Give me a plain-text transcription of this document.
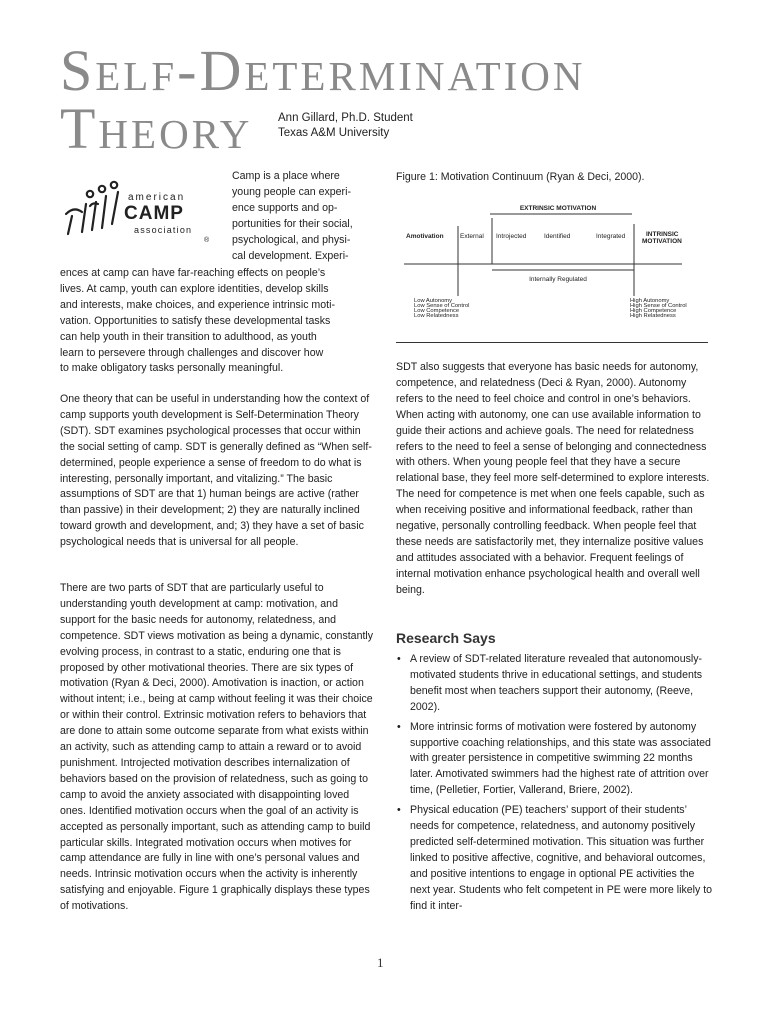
Self-Determination
Theory Ann Gillard, Ph.D. Student
Texas A&M University
american
CAMP
association
®
Camp is a place where
young people can experi-
ence supports and op-
portunities for their social,
psychological, and physi-
cal development. Experi-
ences at camp can have far-reaching effects on people’s
lives. At camp, youth can explore identities, develop skills
and interests, make choices, and experience intrinsic moti-
vation. Opportunities to satisfy these developmental tasks
can help youth in their transition to adulthood, as youth
learn to persevere through challenges and discover how
to make obligatory tasks personally meaningful.

One theory that can be useful in understanding how the context of camp supports youth development is Self-Determination Theory (SDT). SDT examines psychological processes that occur within the social setting of camp. SDT is generally defined as “When self-determined, people experience a sense of freedom to do what is interesting, personally important, and vitalizing.” The basic assumptions of SDT are that 1) human beings are active (rather than passive) in their development; 2) they are naturally inclined toward growth and development, and; 3) they have a set of basic psychological needs that is universal for all people.

There are two parts of SDT that are particularly useful to understanding youth development at camp: motivation, and support for the basic needs for autonomy, relatedness, and competence. SDT views motivation as being a dynamic, constantly evolving process, in contrast to a static, enduring one that is proposed by other motivational theories. There are six types of motivation (Ryan & Deci, 2000). Amotivation is inaction, or action without intent; i.e., being at camp without feeling it was their choice or within their control. Extrinsic motivation refers to behaviors that are done to attain some outcome separate from what exists within an activity, such as attending camp to attain a reward or to avoid punishment. Introjected motivation describes internalization of behaviors based on the provision of relatedness, such as going to camp to avoid the anxiety associated with disappointing loved ones. Identified motivation occurs when the goal of an activity is accepted as personally important, such as attending camp to build particular skills. Integrated motivation occurs when motives for camp attendance are fully in line with one’s personal values and needs. Intrinsic motivation occurs when the activity is inherently satisfying and enjoyable. Figure 1 graphically displays these types of motivations.

Figure 1: Motivation Continuum (Ryan & Deci, 2000).
EXTRINSIC MOTIVATION
Amotivation	External Introjected	Identified	Integrated	INTRINSIC
MOTIVATION
Internally Regulated
Low Autonomy
Low Sense of Control
Low Competence
Low Relatedness
High Autonomy
High Sense of Control
High Competence
High Relatedness

SDT also suggests that everyone has basic needs for autonomy, competence, and relatedness (Deci & Ryan, 2000). Autonomy refers to the need to feel choice and control in one’s behaviors. When acting with autonomy, one can use available information to guide their actions and achieve goals. The need for relatedness refers to the need to feel a sense of belonging and connectedness with others. When young people feel that they have a secure relational base, they feel more self-determined to explore interests. The need for competence is met when one feels capable, such as when receiving positive and informational feedback, rather than negative, personally controlling feedback. When people feel that these needs are satisfactorily met, they internalize positive values and attitudes associated with a behavior. Frequent feelings of internal motivation enhance psychological health and overall well being.

Research Says
• A review of SDT-related literature revealed that autonomously-motivated students thrive in educational settings, and students benefit most when teachers support their autonomy, (Reeve, 2002).
• More intrinsic forms of motivation were fostered by autonomy supportive coaching relationships, and this state was associated with greater persistence in competitive swimming 22 months later. Amotivated swimmers had the highest rate of attrition over time, (Pelletier, Fortier, Vallerand, Briere, 2002).
• Physical education (PE) teachers’ support of their students’ needs for competence, relatedness, and autonomy positively predicted self-determined motivation. This situation was further linked to positive affective, cognitive, and behavioral outcomes, and positive intentions to engage in optional PE activities the next year. Students who felt competent in PE were more likely to find it inter-
1
